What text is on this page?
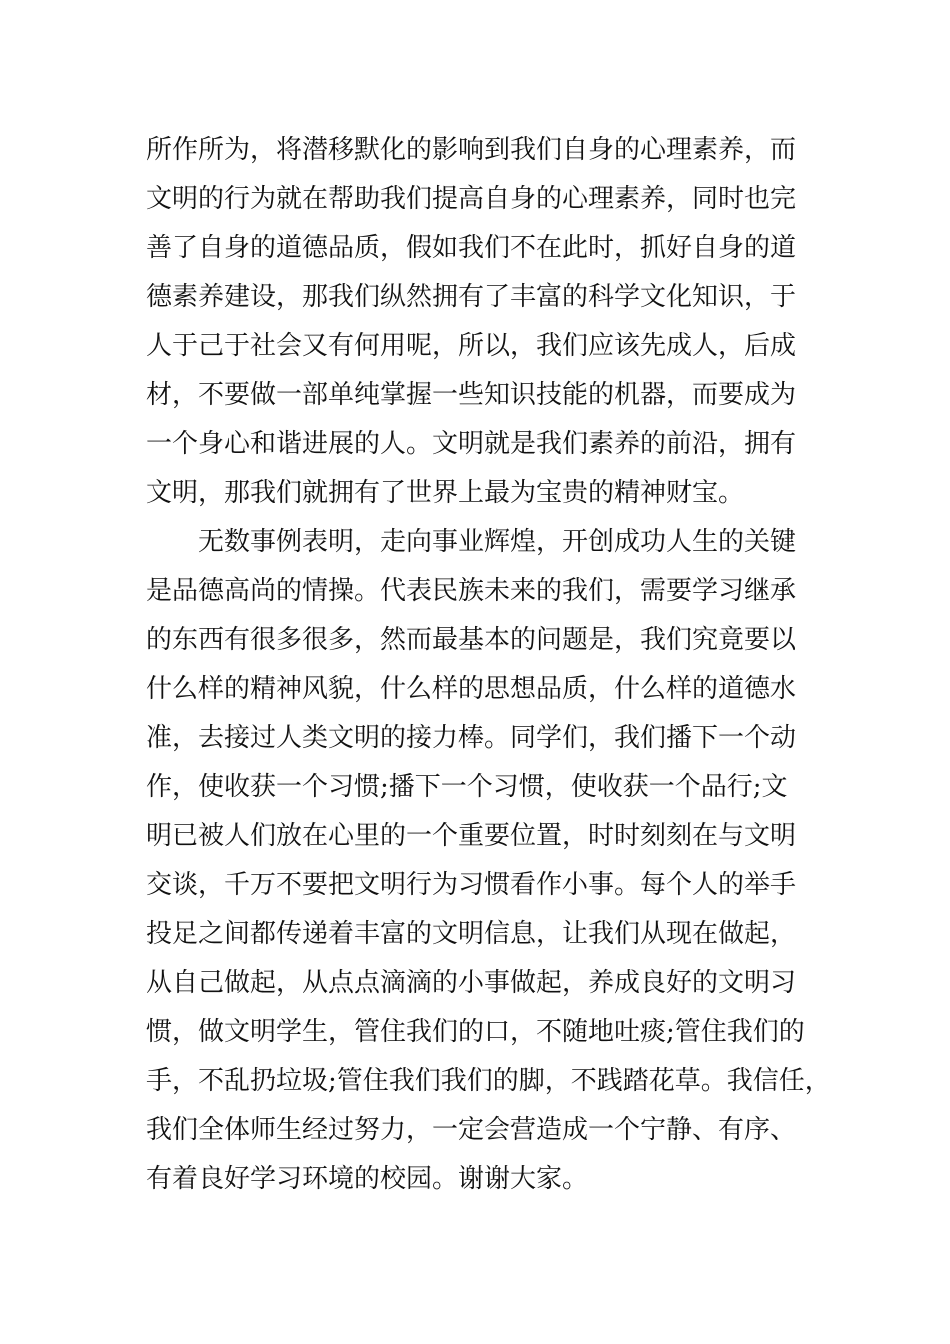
所作所为，将潜移默化的影响到我们自身的心理素养，而
文明的行为就在帮助我们提高自身的心理素养，同时也完
善了自身的道德品质，假如我们不在此时，抓好自身的道
德素养建设，那我们纵然拥有了丰富的科学文化知识，于
人于己于社会又有何用呢，所以，我们应该先成人，后成
材，不要做一部单纯掌握一些知识技能的机器，而要成为
一个身心和谐进展的人。文明就是我们素养的前沿，拥有
文明，那我们就拥有了世界上最为宝贵的精神财宝。
无数事例表明，走向事业辉煌，开创成功人生的关键
是品德高尚的情操。代表民族未来的我们，需要学习继承
的东西有很多很多，然而最基本的问题是，我们究竟要以
什么样的精神风貌，什么样的思想品质，什么样的道德水
准，去接过人类文明的接力棒。同学们，我们播下一个动
作，使收获一个习惯;播下一个习惯，使收获一个品行;文
明已被人们放在心里的一个重要位置，时时刻刻在与文明
交谈，千万不要把文明行为习惯看作小事。每个人的举手
投足之间都传递着丰富的文明信息，让我们从现在做起，
从自己做起，从点点滴滴的小事做起，养成良好的文明习
惯，做文明学生，管住我们的口，不随地吐痰;管住我们的
手，不乱扔垃圾;管住我们我们的脚，不践踏花草。我信任，
我们全体师生经过努力，一定会营造成一个宁静、有序、
有着良好学习环境的校园。谢谢大家。
